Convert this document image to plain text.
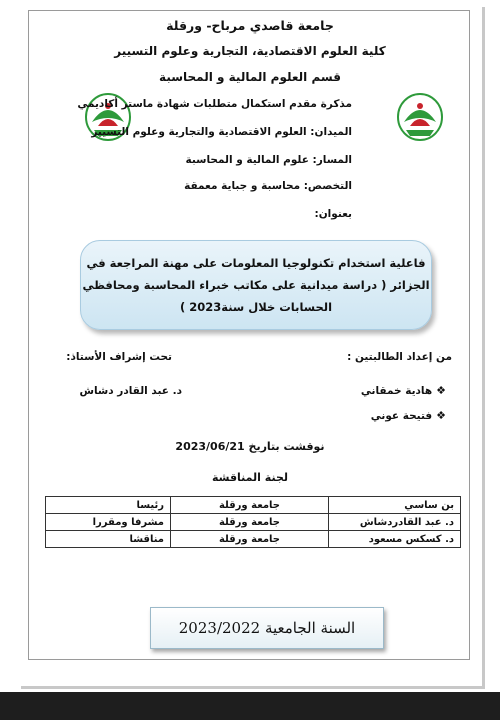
جامعة قاصدي مرباح- ورقلة
كلية العلوم الاقتصادية، التجارية وعلوم التسيير
قسم العلوم المالية و المحاسبة
مذكرة مقدم استكمال متطلبات شهادة ماستر أكاديمي
الميدان: العلوم الاقتصادية والتجارية وعلوم التسيير
المسار: علوم المالية و المحاسبة
التخصص: محاسبة و جباية معمقة
بعنوان:
فاعلية استخدام تكنولوجيا المعلومات على مهنة المراجعة في
الجزائر ( دراسة ميدانية على مكاتب خبراء المحاسبة ومحافظي
الحسابات خلال سنة2023 )
من إعداد الطالبتين :
تحت إشراف الأستاذ:
❖
هادية خمقاني
د. عبد القادر دشاش
❖
فتيحة عوني
نوقشت بتاريخ 2023/06/21
لجنة المناقشة
بن ساسي	جامعة ورقلة	رئيسا
د. عبد القادردشاش	جامعة ورقلة	مشرفا ومقررا
د. كسكس مسعود	جامعة ورقلة	مناقشا
السنة الجامعية 2023/2022
